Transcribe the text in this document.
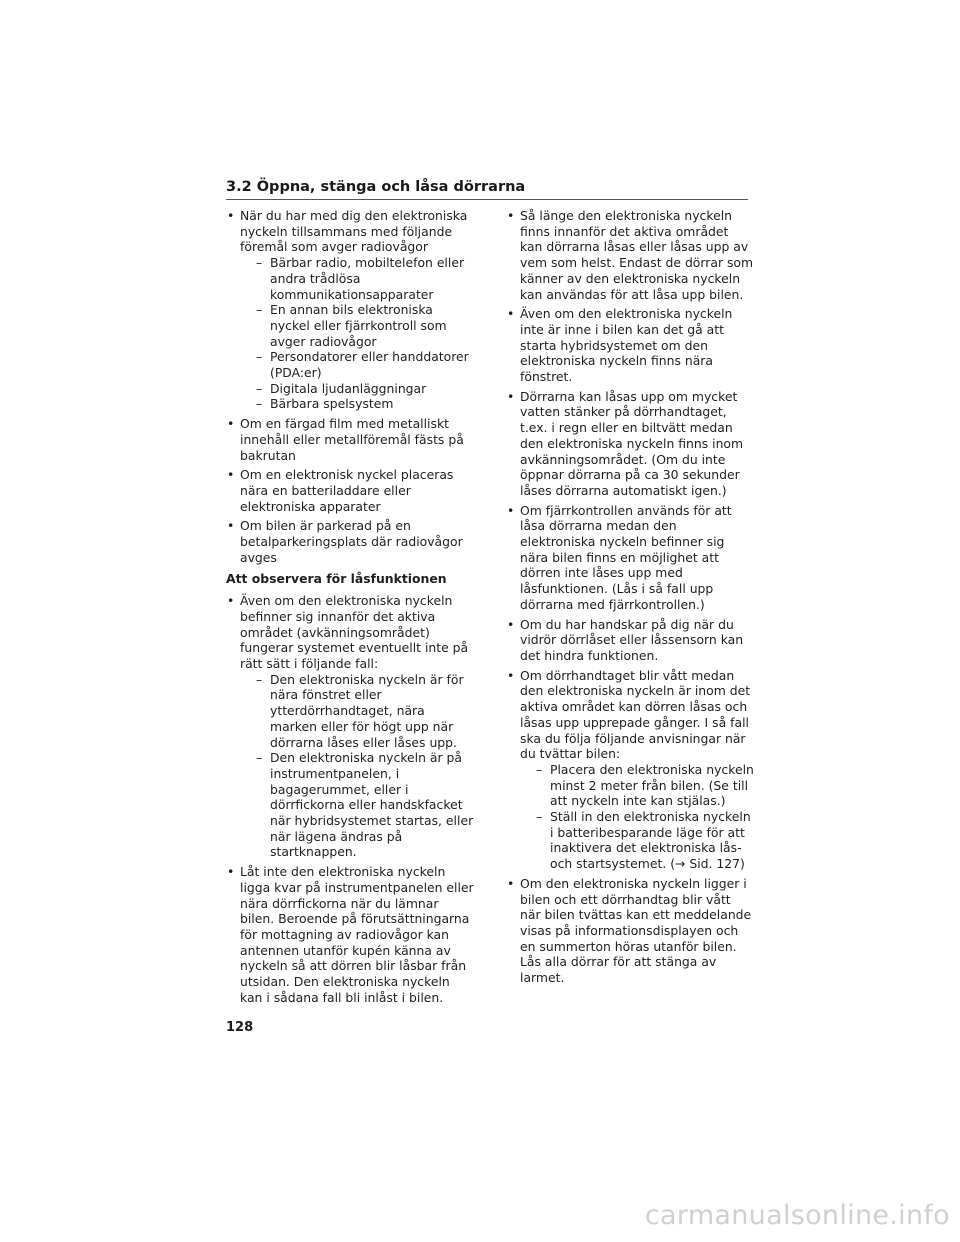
3.2 Öppna, stänga och låsa dörrarna
• När du har med dig den elektroniska nyckeln tillsammans med följande föremål som avger radiovågor
– Bärbar radio, mobiltelefon eller andra trådlösa kommunikationsapparater
– En annan bils elektroniska nyckel eller fjärrkontroll som avger radiovågor
– Persondatorer eller handdatorer (PDA:er)
– Digitala ljudanläggningar
– Bärbara spelsystem
• Om en färgad film med metalliskt innehåll eller metallföremål fästs på bakrutan
• Om en elektronisk nyckel placeras nära en batteriladdare eller elektroniska apparater
• Om bilen är parkerad på en betalparkeringsplats där radiovågor avges
Att observera för låsfunktionen
• Även om den elektroniska nyckeln befinner sig innanför det aktiva området (avkänningsområdet) fungerar systemet eventuellt inte på rätt sätt i följande fall:
– Den elektroniska nyckeln är för nära fönstret eller ytterdörrhandtaget, nära marken eller för högt upp när dörrarna låses eller låses upp.
– Den elektroniska nyckeln är på instrumentpanelen, i bagagerummet, eller i dörrfickorna eller handskfacket när hybridsystemet startas, eller när lägena ändras på startknappen.
• Låt inte den elektroniska nyckeln ligga kvar på instrumentpanelen eller nära dörrfickorna när du lämnar bilen. Beroende på förutsättningarna för mottagning av radiovågor kan antennen utanför kupén känna av nyckeln så att dörren blir låsbar från utsidan. Den elektroniska nyckeln kan i sådana fall bli inlåst i bilen.
• Så länge den elektroniska nyckeln finns innanför det aktiva området kan dörrarna låsas eller låsas upp av vem som helst. Endast de dörrar som känner av den elektroniska nyckeln kan användas för att låsa upp bilen.
• Även om den elektroniska nyckeln inte är inne i bilen kan det gå att starta hybridsystemet om den elektroniska nyckeln finns nära fönstret.
• Dörrarna kan låsas upp om mycket vatten stänker på dörrhandtaget, t.ex. i regn eller en biltvätt medan den elektroniska nyckeln finns inom avkänningsområdet. (Om du inte öppnar dörrarna på ca 30 sekunder låses dörrarna automatiskt igen.)
• Om fjärrkontrollen används för att låsa dörrarna medan den elektroniska nyckeln befinner sig nära bilen finns en möjlighet att dörren inte låses upp med låsfunktionen. (Lås i så fall upp dörrarna med fjärrkontrollen.)
• Om du har handskar på dig när du vidrör dörrlåset eller låssensorn kan det hindra funktionen.
• Om dörrhandtaget blir vått medan den elektroniska nyckeln är inom det aktiva området kan dörren låsas och låsas upp upprepade gånger. I så fall ska du följa följande anvisningar när du tvättar bilen:
– Placera den elektroniska nyckeln minst 2 meter från bilen. (Se till att nyckeln inte kan stjälas.)
– Ställ in den elektroniska nyckeln i batteribesparande läge för att inaktivera det elektroniska lås- och startsystemet. (→ Sid. 127)
• Om den elektroniska nyckeln ligger i bilen och ett dörrhandtag blir vått när bilen tvättas kan ett meddelande visas på informationsdisplayen och en summerton höras utanför bilen. Lås alla dörrar för att stänga av larmet.
128
carmanualsonline.info
